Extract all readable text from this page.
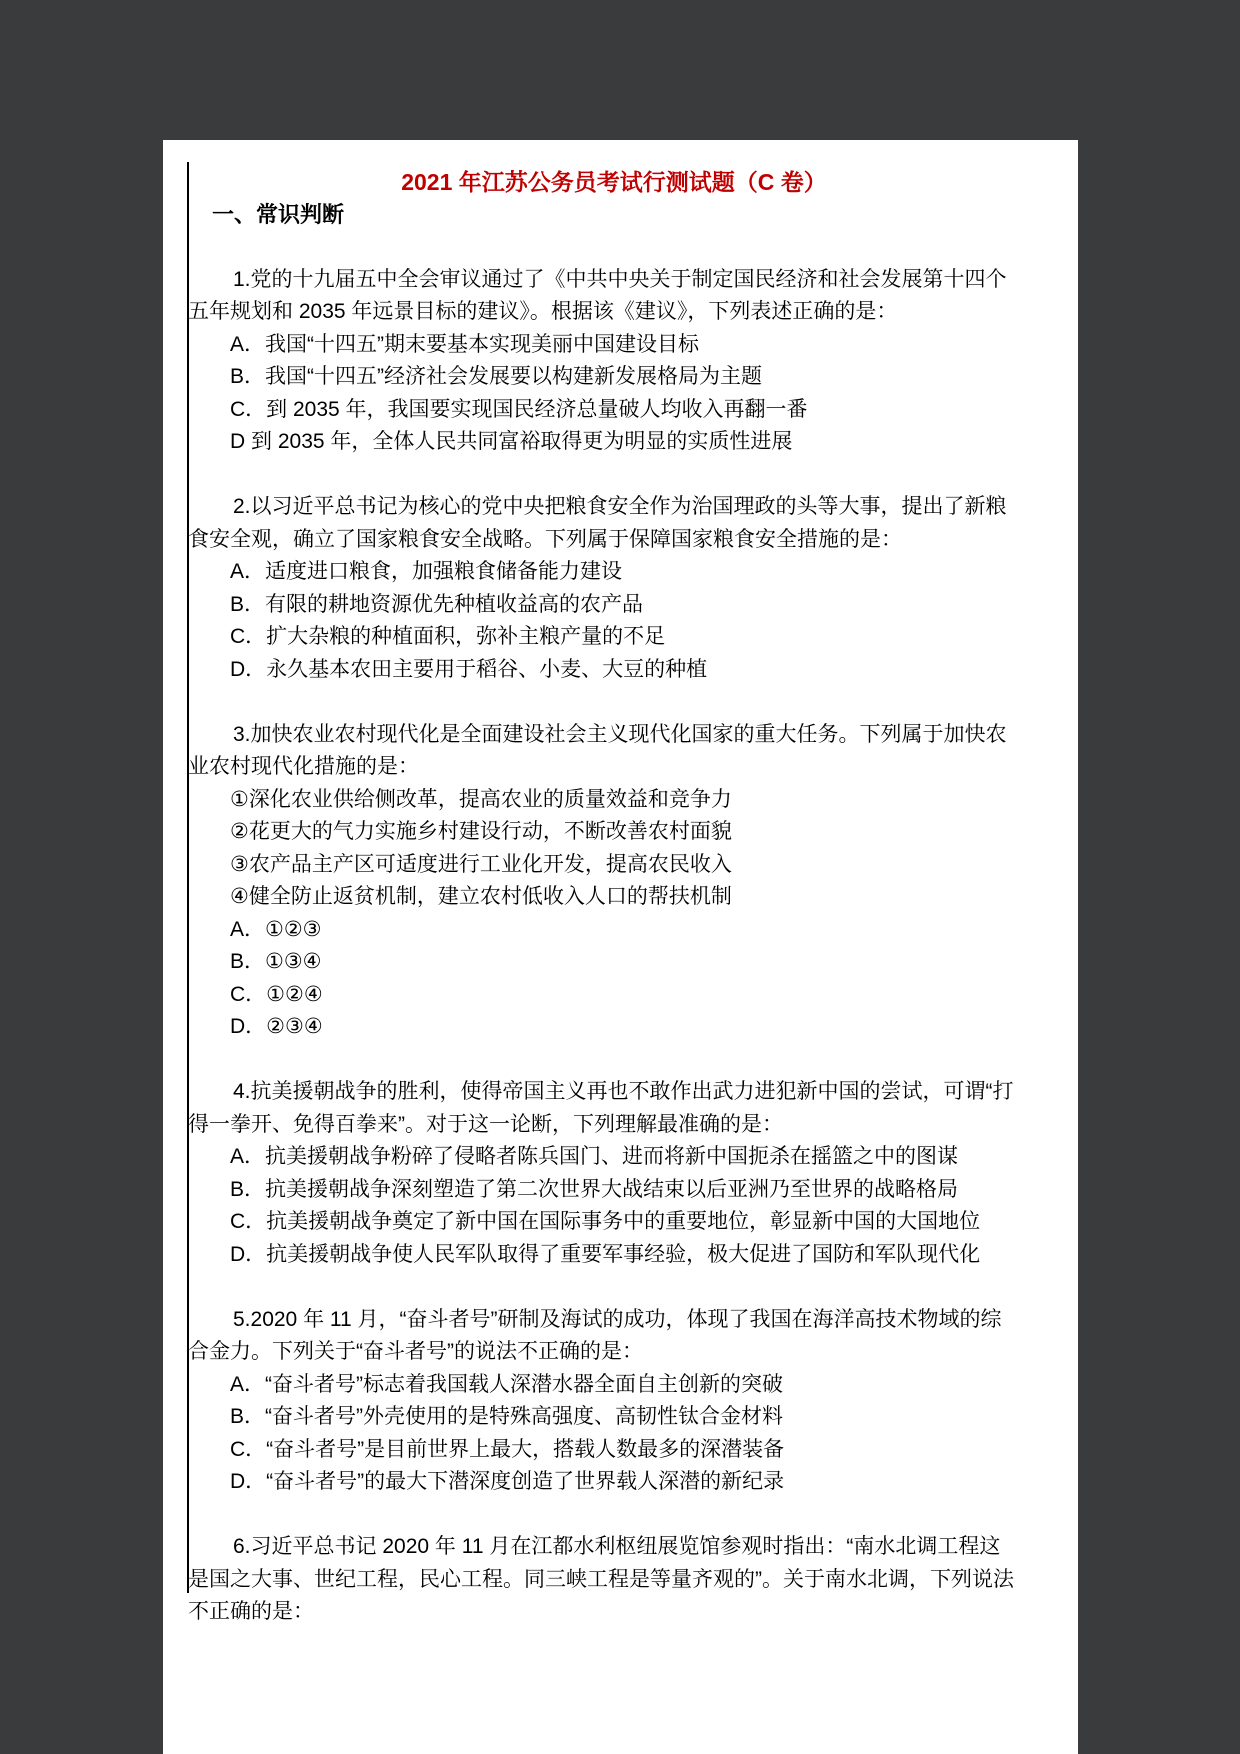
2021 年江苏公务员考试行测试题（C 卷）
一、常识判断
1.党的十九届五中全会审议通过了《中共中央关于制定国民经济和社会发展第十四个
五年规划和 2035 年远景目标的建议》。根据该《建议》，下列表述正确的是：
A．我国“十四五”期末要基本实现美丽中国建设目标
B．我国“十四五”经济社会发展要以构建新发展格局为主题
C．到 2035 年，我国要实现国民经济总量破人均收入再翻一番
D 到 2035 年，全体人民共同富裕取得更为明显的实质性进展
2.以习近平总书记为核心的党中央把粮食安全作为治国理政的头等大事，提出了新粮
食安全观，确立了国家粮食安全战略。下列属于保障国家粮食安全措施的是：
A．适度进口粮食，加强粮食储备能力建设
B．有限的耕地资源优先种植收益高的农产品
C．扩大杂粮的种植面积，弥补主粮产量的不足
D．永久基本农田主要用于稻谷、小麦、大豆的种植
3.加快农业农村现代化是全面建设社会主义现代化国家的重大任务。下列属于加快农
业农村现代化措施的是：
①深化农业供给侧改革，提高农业的质量效益和竞争力
②花更大的气力实施乡村建设行动，不断改善农村面貌
③农产品主产区可适度进行工业化开发，提高农民收入
④健全防止返贫机制，建立农村低收入人口的帮扶机制
A．①②③
B．①③④
C．①②④
D．②③④
4.抗美援朝战争的胜利，使得帝国主义再也不敢作出武力进犯新中国的尝试，可谓“打
得一拳开、免得百拳来”。对于这一论断，下列理解最准确的是：
A．抗美援朝战争粉碎了侵略者陈兵国门、进而将新中国扼杀在摇篮之中的图谋
B．抗美援朝战争深刻塑造了第二次世界大战结束以后亚洲乃至世界的战略格局
C．抗美援朝战争奠定了新中国在国际事务中的重要地位，彰显新中国的大国地位
D．抗美援朝战争使人民军队取得了重要军事经验，极大促进了国防和军队现代化
5.2020 年 11 月，“奋斗者号”研制及海试的成功，体现了我国在海洋高技术物域的综
合金力。下列关于“奋斗者号”的说法不正确的是：
A．“奋斗者号”标志着我国载人深潜水器全面自主创新的突破
B．“奋斗者号”外壳使用的是特殊高强度、高韧性钛合金材料
C．“奋斗者号”是目前世界上最大，搭载人数最多的深潜装备
D．“奋斗者号”的最大下潜深度创造了世界载人深潜的新纪录
6.习近平总书记 2020 年 11 月在江都水利枢纽展览馆参观时指出：“南水北调工程这
是国之大事、世纪工程，民心工程。同三峡工程是等量齐观的”。关于南水北调，下列说法
不正确的是：
